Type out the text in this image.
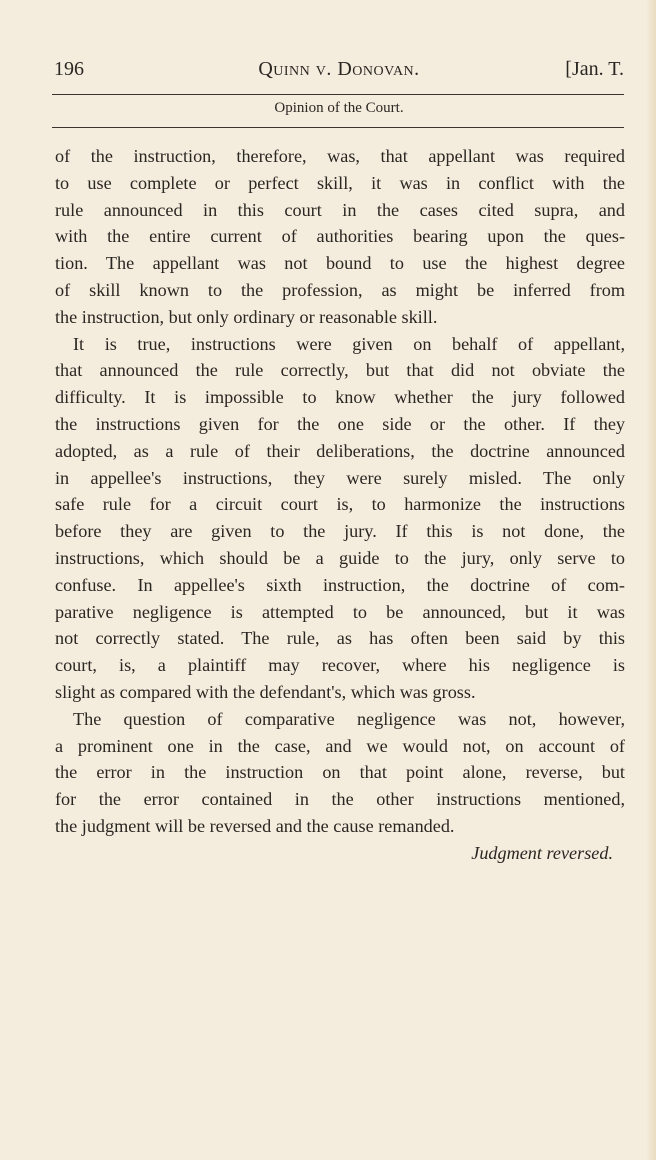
196	Quinn v. Donovan.	[Jan. T.
Opinion of the Court.
of the instruction, therefore, was, that appellant was required
to use complete or perfect skill, it was in conflict with the
rule announced in this court in the cases cited supra, and
with the entire current of authorities bearing upon the ques-
tion. The appellant was not bound to use the highest degree
of skill known to the profession, as might be inferred from
the instruction, but only ordinary or reasonable skill.
It is true, instructions were given on behalf of appellant,
that announced the rule correctly, but that did not obviate the
difficulty. It is impossible to know whether the jury followed
the instructions given for the one side or the other. If they
adopted, as a rule of their deliberations, the doctrine announced
in appellee's instructions, they were surely misled. The only
safe rule for a circuit court is, to harmonize the instructions
before they are given to the jury. If this is not done, the
instructions, which should be a guide to the jury, only serve to
confuse. In appellee's sixth instruction, the doctrine of com-
parative negligence is attempted to be announced, but it was
not correctly stated. The rule, as has often been said by this
court, is, a plaintiff may recover, where his negligence is
slight as compared with the defendant's, which was gross.
The question of comparative negligence was not, however,
a prominent one in the case, and we would not, on account of
the error in the instruction on that point alone, reverse, but
for the error contained in the other instructions mentioned,
the judgment will be reversed and the cause remanded.
Judgment reversed.
